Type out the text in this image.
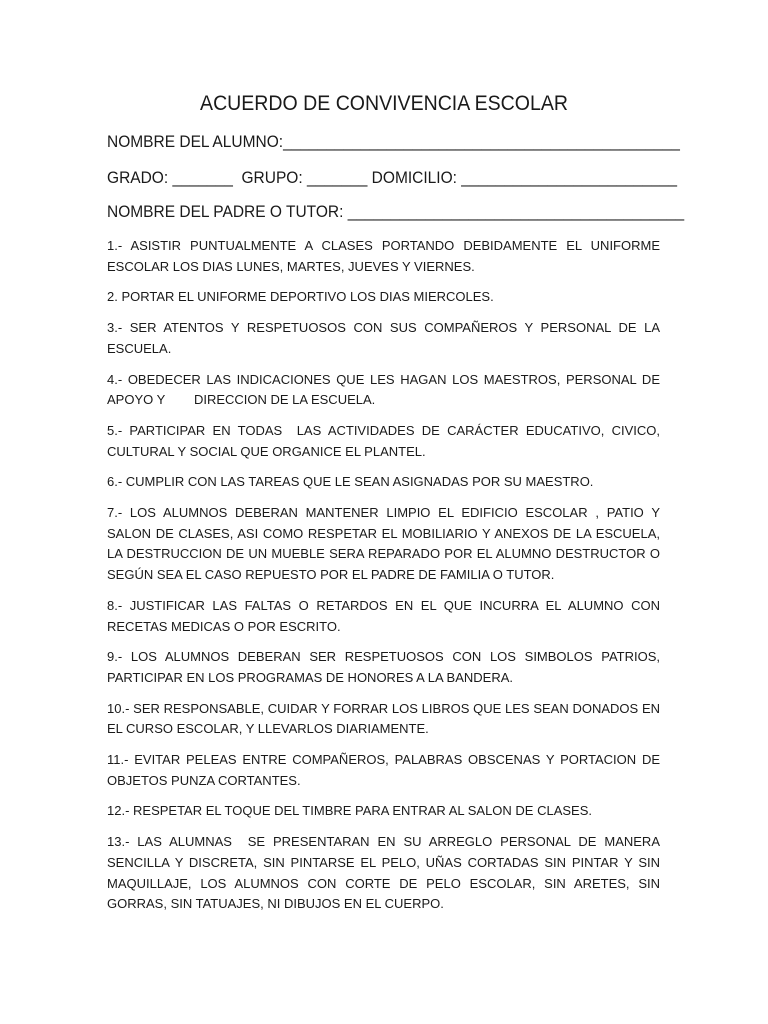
ACUERDO DE CONVIVENCIA ESCOLAR
NOMBRE DEL ALUMNO:______________________________________________
GRADO: _______  GRUPO: _______ DOMICILIO: _________________________
NOMBRE DEL PADRE O TUTOR: _______________________________________
1.- ASISTIR PUNTUALMENTE A CLASES PORTANDO DEBIDAMENTE EL UNIFORME ESCOLAR LOS DIAS LUNES, MARTES, JUEVES Y VIERNES.
2. PORTAR EL UNIFORME DEPORTIVO LOS DIAS MIERCOLES.
3.- SER ATENTOS Y RESPETUOSOS CON SUS COMPAÑEROS Y PERSONAL DE LA ESCUELA.
4.- OBEDECER LAS INDICACIONES QUE LES HAGAN LOS MAESTROS, PERSONAL DE APOYO Y        DIRECCION DE LA ESCUELA.
5.- PARTICIPAR EN TODAS  LAS ACTIVIDADES DE CARÁCTER EDUCATIVO, CIVICO, CULTURAL Y SOCIAL QUE ORGANICE EL PLANTEL.
6.- CUMPLIR CON LAS TAREAS QUE LE SEAN ASIGNADAS POR SU MAESTRO.
7.- LOS ALUMNOS DEBERAN MANTENER LIMPIO EL EDIFICIO ESCOLAR , PATIO Y SALON DE CLASES, ASI COMO RESPETAR EL MOBILIARIO Y ANEXOS DE LA ESCUELA, LA DESTRUCCION DE UN MUEBLE SERA REPARADO POR EL ALUMNO DESTRUCTOR O SEGÚN SEA EL CASO REPUESTO POR EL PADRE DE FAMILIA O TUTOR.
8.- JUSTIFICAR LAS FALTAS O RETARDOS EN EL QUE INCURRA EL ALUMNO CON RECETAS MEDICAS O POR ESCRITO.
9.- LOS ALUMNOS DEBERAN SER RESPETUOSOS CON LOS SIMBOLOS PATRIOS, PARTICIPAR EN LOS PROGRAMAS DE HONORES A LA BANDERA.
10.- SER RESPONSABLE, CUIDAR Y FORRAR LOS LIBROS QUE LES SEAN DONADOS EN EL CURSO ESCOLAR, Y LLEVARLOS DIARIAMENTE.
11.- EVITAR PELEAS ENTRE COMPAÑEROS, PALABRAS OBSCENAS Y PORTACION DE OBJETOS PUNZA CORTANTES.
12.- RESPETAR EL TOQUE DEL TIMBRE PARA ENTRAR AL SALON DE CLASES.
13.- LAS ALUMNAS  SE PRESENTARAN EN SU ARREGLO PERSONAL DE MANERA SENCILLA Y DISCRETA, SIN PINTARSE EL PELO, UÑAS CORTADAS SIN PINTAR Y SIN MAQUILLAJE, LOS ALUMNOS CON CORTE DE PELO ESCOLAR, SIN ARETES, SIN GORRAS, SIN TATUAJES, NI DIBUJOS EN EL CUERPO.
